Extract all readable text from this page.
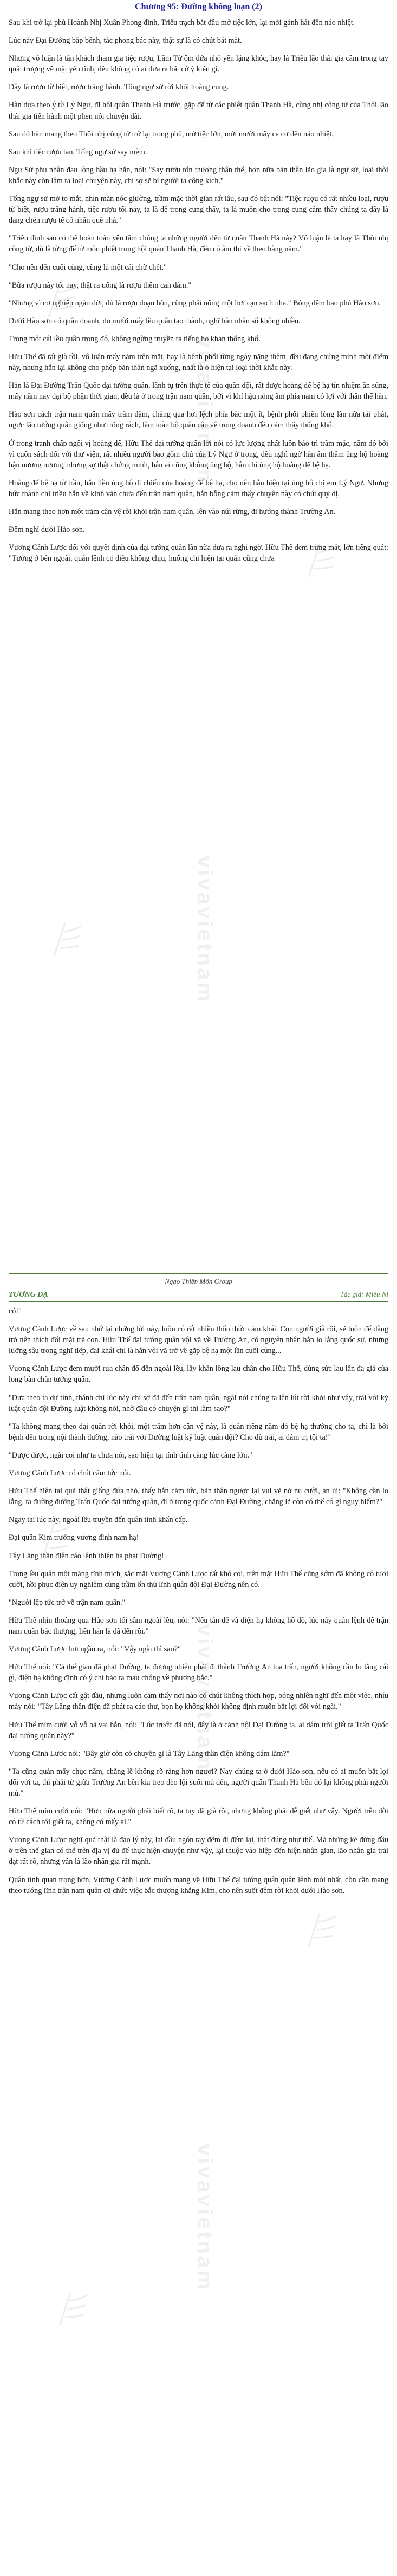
vivavietnam
vivavietnam
Chương 95: Đường khống loạn (2)

Sau khi trở lại phủ Hoành Nhị Xuân Phong đình, Triều trạch bắt đầu mở tiệc lớn, lại mời gánh hát đến náo nhiệt.

Lúc này Đại Đường bắp bênh, tác phong bác này, thật sự là có chút bắt mắt.

Nhưng vô luận là tân khách tham gia tiệc rượu, Lâm Tử ôm đứa nhỏ yên lặng khóc, hay là Triều lão thái gia cầm trong tay quải trượng về mặt yên tĩnh, đều không có ai đưa ra bất cứ ý kiến gì.

Đây là rượu từ biệt, rượu trăng hành. Tống ngự sử rời khỏi hoàng cung.

Hàn dựa theo ý từ Lý Ngư, đi hội quân Thanh Hà trước, gặp để từ các phiệt quân Thanh Hà, cùng nhị công tử của Thôi lão thái gia tiến hành một phen nói chuyện dài.

Sau đó hắn mang theo Thôi nhị công tử trở lại trong phủ, mở tiệc lớn, mời mười mấy ca cơ đến náo nhiệt.

Sau khi tiệc rượu tan, Tống ngự sử say mèm.

Ngư Sử phu nhân đau lòng hầu hạ hắn, nói: "Say rượu tổn thương thân thể, hơn nữa bản thân lão gia là ngự sử, loại thời khắc này còn lâm ra loại chuyện này, chỉ sợ sẽ bị người ta công kích."

Tống ngự sử mở to mắt, nhìn màn nóc giường, trầm mặc thời gian rất lâu, sau đó bật nói: "Tiệc rượu có rất nhiều loại, rượu từ biệt, rượu trăng hành, tiệc rượu tối nay, ta là để trong cung thấy, ta là muốn cho trong cung cảm thấy chúng ta đây là đang chén rượu tế cổ nhân quê nhà."

"Triều đình sao có thể hoàn toàn yên tâm chúng ta những người đến từ quân Thanh Hà này? Vô luận là ta hay là Thôi nhị công tử, dù là từng để từ môn phiệt trong hội quán Thanh Hà, đều có âm thị về theo hàng năm."

"Cho nên đến cuối cùng, cũng là một cái chữ chết."

"Bữa rượu này tối nay, thật ra uống là rượu thêm can đảm."

"Nhưng vì cơ nghiệp ngàn đời, đủ là rượu đoạn hồn, cũng phải uống một hơi cạn sạch nha." Bóng đêm bao phủ Hào sơn.

Dưới Hào sơn có quân doanh, do mười mấy lều quân tạo thành, nghĩ hàn nhân sổ không nhiều.

Trong một cái lều quân trong đó, không ngừng truyền ra tiếng ho khan thống khổ.

Hữu Thế đã rất già rồi, vô luận mấy năm trên mặt, hay là bệnh phổi từng ngày nặng thêm, đều đang chứng minh một điểm này, nhưng hắn lại không cho phép bản thân ngã xuống, nhất là ở hiện tại loại thời khắc này.

Hắn là Đại Đường Trấn Quốc đại tướng quân, lãnh tụ trên thực tế của quân đội, rất được hoàng đế bệ hạ tín nhiệm ân sủng, mấy năm nay đại bộ phận thời gian, đều là ở trong trận nam quân, bởi vì khí hậu nóng ẩm phía nam có lợi với thân thể hắn.

Hào sơn cách trận nam quân mấy trăm dặm, chẳng qua hơi lệch phía bắc một ít, bệnh phổi phiền lòng lần nữa tái phát, ngực lão tướng quân giống như trống rách, làm toàn bộ quân cận vệ trong doanh đều cảm thấy thống khổ.

Ở trong tranh chấp ngôi vị hoàng đế, Hữu Thế đại tướng quân lời nói có lực lượng nhất luôn bảo trì trầm mặc, năm đó bởi vì cuốn sách đối với thư viện, rất nhiều người bao gồm chủ của Lý Ngư ở trong, đều nghĩ ngờ hắn âm thầm ủng hộ hoàng hậu nương nương, nhưng sự thật chứng minh, hắn ai cũng không ủng hộ, hắn chỉ ủng hộ hoàng đế bệ hạ.

Hoàng đế bệ hạ từ trần, hắn liền ủng hộ di chiếu của hoàng đế bệ hạ, cho nên hắn hiện tại ủng hộ chị em Lý Ngư. Nhưng bức thành chi triều hắn về kinh văn chưa đến trận nam quân, hắn bỗng cảm thấy chuyện này có chút quỷ dị.

Hắn mang theo hơn một trăm cận vệ rời khỏi trận nam quân, lên vào núi rừng, đi hướng thành Trường An.

Đêm nghỉ dưới Hào sơn.

Vương Cảnh Lược đối với quyết định của đại tướng quân lần nữa đưa ra nghi ngờ. Hữu Thế đem trừng mắt, lớn tiếng quát: "Tướng ở bên ngoài, quân lệnh có điều không chịu, huống chi hiện tại quân cũng chưa

Ngạo Thiên Môn Group
vivavietnam
vivavietnam
TƯƠNG DẠ	Tác giả: Miêu Nị

có!"

Vương Cảnh Lược về sau nhớ lại những lời này, luôn có rất nhiều thổn thức cảm khái. Con người già rồi, sẽ luôn để dàng trở nên thích đối mặt trẻ con. Hữu Thế đại tướng quân vội vã về Trường An, có nguyên nhân hắn lo lắng quốc sự, nhưng lưỡng sâu trong nghĩ tiếp, đại khái chỉ là hắn vội vã trở về gặp bệ hạ một lần cuối cùng...

Vương Cảnh Lược đem mười rưa chân đổ đến ngoài lều, lấy khăn lông lau chân cho Hữu Thế, dùng sức lau lần đa giá của long bàn chân tướng quân.

"Dựa theo ta dự tính, thánh chỉ lúc này chỉ sợ đã đến trận nam quân, ngài nói chúng ta lên lút rời khỏi như vậy, trái với kỷ luật quân đội Đường luật không nói, nhờ đâu có chuyện gì thì làm sao?"

"Ta không mang theo đại quân rời khỏi, một trăm hơn cận vệ này, là quân riêng năm đó bệ hạ thưởng cho ta, chỉ là bởi bệnh đến trong nội thành dưỡng, nào trái với Đường luật kỷ luật quân đội? Cho dù trái, ai dám trị tội ta!"

"Được được, ngài coi như ta chưa nói, sao hiện tại tính tình càng lúc càng lớn."

Vương Cảnh Lược có chút căm tức nói.

Hữu Thế hiện tại quả thật giống đứa nhỏ, thấy hắn căm tức, bản thân ngược lại vui vẻ nở nụ cười, an ủi: "Không cần lo lắng, ta đường đường Trấn Quốc đại tướng quân, đi ở trong quốc cảnh Đại Đường, chẳng lẽ còn có thể có gì nguy hiểm?"

Ngay tại lúc này, ngoài lều truyền đến quân tình khẩn cấp.

Đại quân Kim trướng vương đình nam hạ!

Tây Lăng thần điện cáo lệnh thiên hạ phạt Đường!

Trong lều quân một mảng tĩnh mịch, sắc mặt Vương Cảnh Lược rất khó coi, trên mặt Hữu Thế cũng sớm đã không có tươi cười, hồi phục điện uy nghiêm cùng trầm ổn thủ lĩnh quân đội Đại Đường nên có.

"Người lập tức trở về trận nam quân."

Hữu Thế nhìn thoáng qua Hào sơn tối sầm ngoài lều, nói: "Nếu tân đế và điện hạ không hồ đồ, lúc này quân lệnh để trận nam quân bắc thượng, liền hẳn là đã đến rồi."

Vương Cảnh Lược hơi ngần ra, nói: "Vậy ngài thì sao?"

Hữu Thế nói: "Cả thế gian đã phạt Đường, ta đương nhiên phải đi thành Trường An tọa trấn, người không cần lo lắng cái gì, điện hạ không định có ý chỉ bảo ta mau chóng về phương bắc."

Vương Cảnh Lược cất gật đầu, nhưng luôn cảm thấy nơi nào có chút không thích hợp, bóng nhiên nghĩ đến một việc, nhíu mày nói: "Tây Lăng thần điện đã phát ra cáo thư, bọn họ không khỏi không định muốn bắt lợi đối với ngài."

Hữu Thế mỉm cười vỗ vỗ bả vai hắn, nói: "Lúc trước đã nói, đây là ở cảnh nội Đại Đường ta, ai dám trời giết ta Trấn Quốc đại tướng quân này?"

Vương Cảnh Lược nói: "Bây giờ còn có chuyện gì là Tây Lăng thần điện không dám làm?"

"Ta cũng quản mấy chục năm, chẳng lẽ không rõ ràng hơn ngươi? Nay chúng ta ở dưới Hào sơn, nếu có ai muốn bắt lợi đối với ta, thì phải từ giữa Trường An bên kia treo đèo lội suối mà đến, người quân Thanh Hà bên đó lại không phải người mù."

Hữu Thế mỉm cười nói: "Hơn nữa người phải biết rõ, ta tuy đã già rồi, nhưng không phải dễ giết như vậy. Người trên đời có từ cách tới giết ta, không có mấy ai."

Vương Cảnh Lược nghĩ quả thật là đạo lý này, lại đầu ngón tay đếm đi đếm lại, thật đúng như thế. Mà những kẻ đứng đầu ở trên thế gian có thể trên địa vị đủ để thực hiện chuyện như vậy, lại thuộc vào hiệp đến hiện nhân gian, lão nhân gia trải đạt rất rõ, nhưng vẫn là lão nhân gia rất mạnh.

Quân tình quan trọng hơn, Vương Cảnh Lược muốn mang về Hữu Thế đại tướng quân quân lệnh mới nhất, còn cần mang theo tướng lĩnh trận nam quân cũ chức việc bắc thượng khẳng Kim, cho nên suốt đêm rời khỏi dưới Hào sơn.
